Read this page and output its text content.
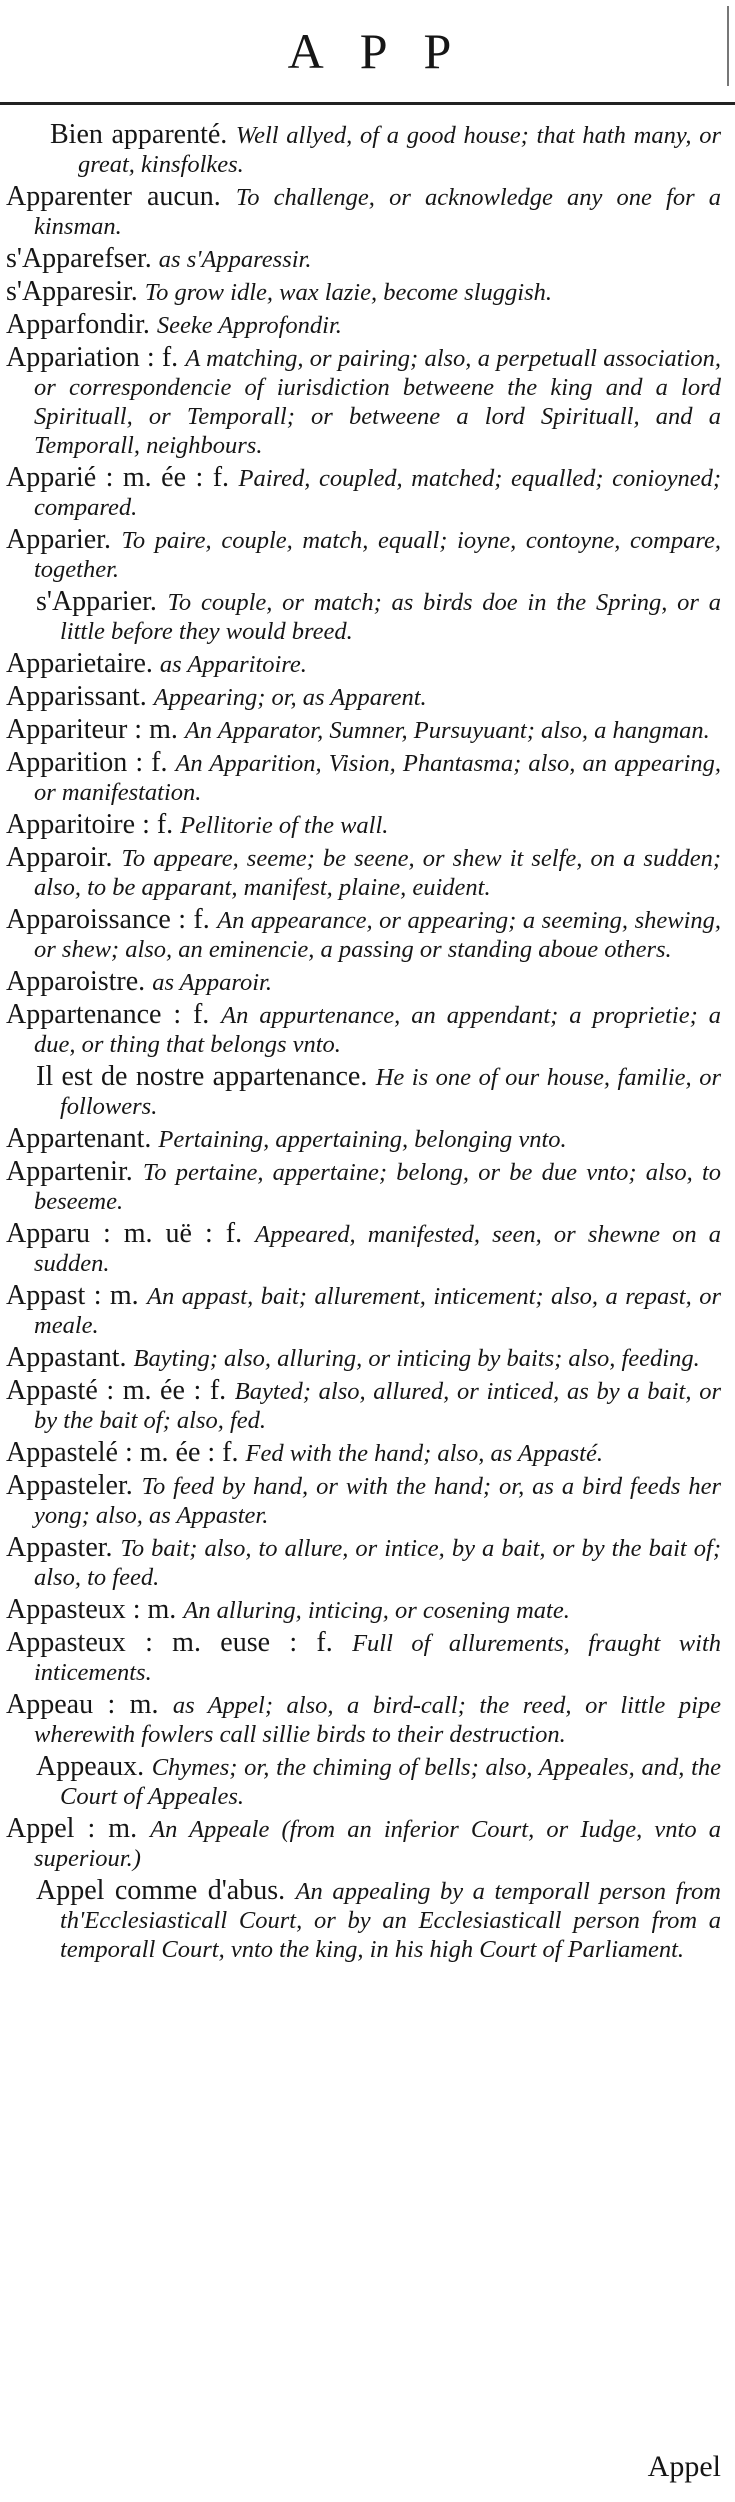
APP

Bien apparenté. Well allyed, of a good house; that hath many, or great, kinsfolkes.

Apparenter aucun. To challenge, or acknowledge any one for a kinsman.

s'Apparefser. as s'Apparessir.

s'Apparesir. To grow idle, wax lazie, become sluggish.

Apparfondir. Seeke Approfondir.

Appariation : f. A matching, or pairing; also, a perpetuall association, or correspondencie of iurisdiction betweene the king and a lord Spirituall, or Temporall; or betweene a lord Spirituall, and a Temporall, neighbours.

Apparié : m. ée : f. Paired, coupled, matched; equalled; conioyned; compared.

Apparier. To paire, couple, match, equall; ioyne, contoyne, compare, together.

s'Apparier. To couple, or match; as birds doe in the Spring, or a little before they would breed.

Apparietaire. as Apparitoire.

Apparissant. Appearing; or, as Apparent.

Appariteur : m. An Apparator, Sumner, Pursuyuant; also, a hangman.

Apparition : f. An Apparition, Vision, Phantasma; also, an appearing, or manifestation.

Apparitoire : f. Pellitorie of the wall.

Apparoir. To appeare, seeme; be seene, or shew it selfe, on a sudden; also, to be apparant, manifest, plaine, euident.

Apparoissance : f. An appearance, or appearing; a seeming, shewing, or shew; also, an eminencie, a passing or standing aboue others.

Apparoistre. as Apparoir.

Appartenance : f. An appurtenance, an appendant; a proprietie; a due, or thing that belongs vnto.

Il est de nostre appartenance. He is one of our house, familie, or followers.

Appartenant. Pertaining, appertaining, belonging vnto.

Appartenir. To pertaine, appertaine; belong, or be due vnto; also, to beseeme.

Apparu : m. uë : f. Appeared, manifested, seen, or shewne on a sudden.

Appast : m. An appast, bait; allurement, inticement; also, a repast, or meale.

Appastant. Bayting; also, alluring, or inticing by baits; also, feeding.

Appasté : m. ée : f. Bayted; also, allured, or inticed, as by a bait, or by the bait of; also, fed.

Appastelé : m. ée : f. Fed with the hand; also, as Appasté.

Appasteler. To feed by hand, or with the hand; or, as a bird feeds her yong; also, as Appaster.

Appaster. To bait; also, to allure, or intice, by a bait, or by the bait of; also, to feed.

Appasteux : m. An alluring, inticing, or cosening mate.

Appasteux : m. euse : f. Full of allurements, fraught with inticements.

Appeau : m. as Appel; also, a bird-call; the reed, or little pipe wherewith fowlers call sillie birds to their destruction.

Appeaux. Chymes; or, the chiming of bells; also, Appeales, and, the Court of Appeales.

Appel : m. An Appeale (from an inferior Court, or Iudge, vnto a superiour.)

Appel comme d'abus. An appealing by a temporall person from th'Ecclesiasticall Court, or by an Ecclesiasticall person from a temporall Court, vnto the king, in his high Court of Parliament.

Appel
